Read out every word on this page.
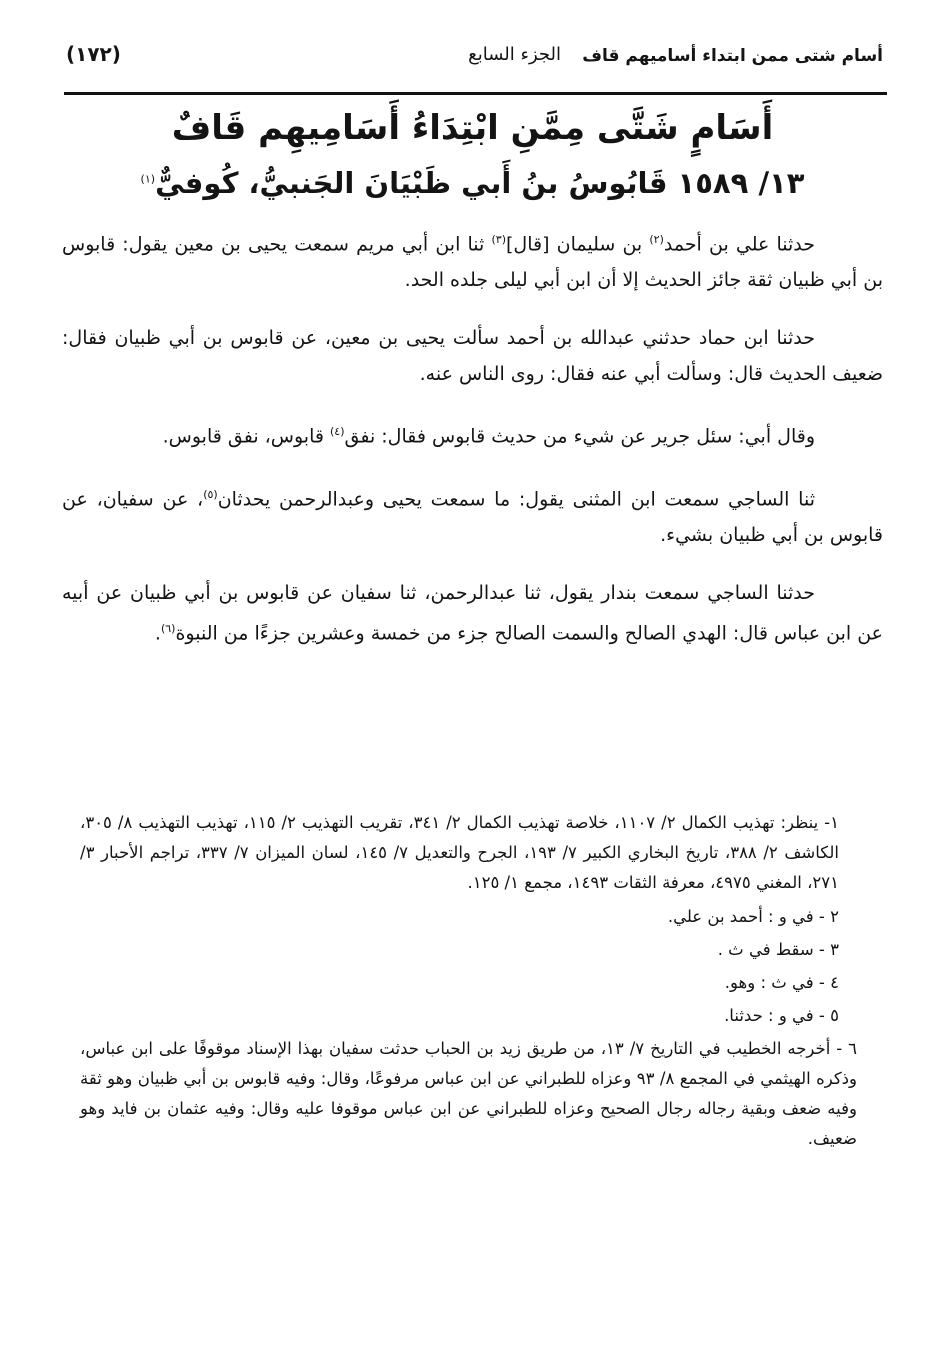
أسام شتى ممن ابتداء أساميهم قاف
الجزء السابع
(١٧٢)
أَسَامٍ شَتَّى مِمَّنِ ابْتِدَاءُ أَسَامِيهِم قَافٌ
١٣/ ١٥٨٩ قَابُوسُ بنُ أَبي ظَبْيَانَ الجَنبيُّ، كُوفيٌّ$^{(١)}$

حدثنا علي بن أحمد$^{(٢)}$ بن سليمان [قال]$^{(٣)}$ ثنا ابن أبي مريم سمعت يحيى بن معين يقول: قابوس بن أبي ظبيان ثقة جائز الحديث إلا أن ابن أبي ليلى جلده الحد.

حدثنا ابن حماد حدثني عبدالله بن أحمد سألت يحيى بن معين، عن قابوس بن أبي ظبيان فقال: ضعيف الحديث قال: وسألت أبي عنه فقال: روى الناس عنه.

وقال أبي: سئل جرير عن شيء من حديث قابوس فقال: نفق$^{(٤)}$ قابوس، نفق قابوس.

ثنا الساجي سمعت ابن المثنى يقول: ما سمعت يحيى وعبدالرحمن يحدثان$^{(٥)}$، عن سفيان، عن قابوس بن أبي ظبيان بشيء.

حدثنا الساجي سمعت بندار يقول، ثنا عبدالرحمن، ثنا سفيان عن قابوس بن أبي ظبيان عن أبيه عن ابن عباس قال: الهدي الصالح والسمت الصالح جزء من خمسة وعشرين جزءًا من النبوة$^{(٦)}$.

١- ينظر: تهذيب الكمال ٢/ ١١٠٧، خلاصة تهذيب الكمال ٢/ ٣٤١، تقريب التهذيب ٢/ ١١٥، تهذيب التهذيب ٨/ ٣٠٥، الكاشف ٢/ ٣٨٨، تاريخ البخاري الكبير ٧/ ١٩٣، الجرح والتعديل ٧/ ١٤٥، لسان الميزان ٧/ ٣٣٧، تراجم الأحبار ٣/ ٢٧١، المغني ٤٩٧٥، معرفة الثقات ١٤٩٣، مجمع ١/ ١٢٥.

٢ - في و : أحمد بن علي.

٣ - سقط في ث .

٤ - في ث : وهو.

٥ - في و : حدثنا.

٦ - أخرجه الخطيب في التاريخ ٧/ ١٣، من طريق زيد بن الحباب حدثت سفيان بهذا الإسناد موقوفًا على ابن عباس، وذكره الهيثمي في المجمع ٨/ ٩٣ وعزاه للطبراني عن ابن عباس مرفوعًا، وقال: وفيه قابوس بن أبي ظبيان وهو ثقة وفيه ضعف وبقية رجاله رجال الصحيح وعزاه للطبراني عن ابن عباس موقوفا عليه وقال: وفيه عثمان بن فايد وهو ضعيف.
